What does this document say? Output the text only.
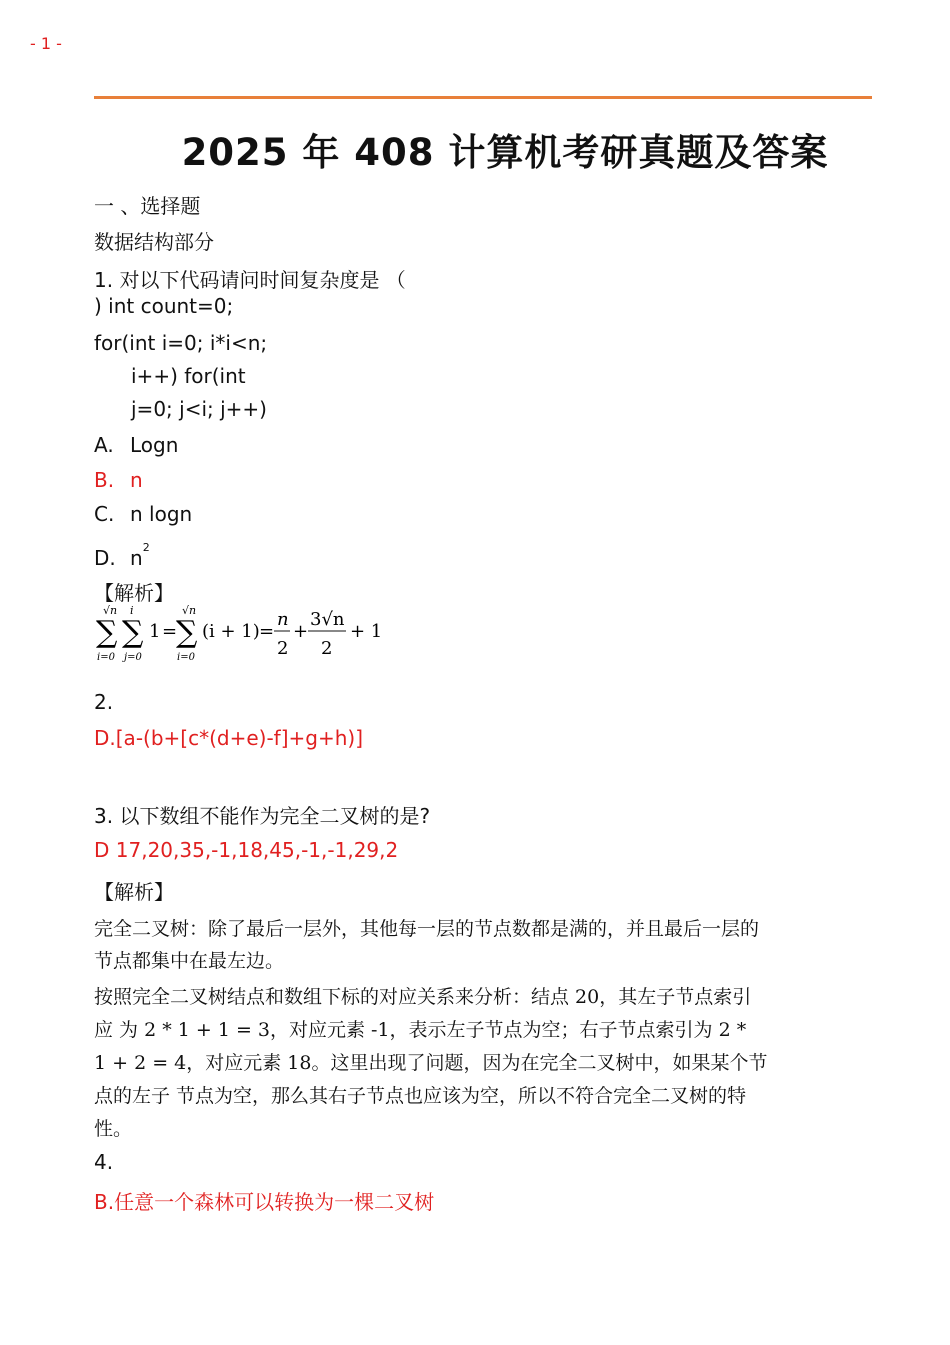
- 1 -
2025 年 408 计算机考研真题及答案
一 、选择题
数据结构部分
1. 对以下代码请问时间复杂度是 （
) int count=0;
for(int i=0; i*i<n;
i++) for(int
j=0; j<i; j++)
A. Logn
B. n
C. n logn
D. $n^2$
【解析】
√n
∑
i=0
i
∑
j=0
1 =
√n
∑
i=0
(i + 1) =
n
2
+
3√n
2
+ 1
2.
D.[a-(b+[c*(d+e)-f]+g+h)]
3. 以下数组不能作为完全二叉树的是?
D 17,20,35,-1,18,45,-1,-1,29,2
【解析】
完全二叉树：除了最后一层外，其他每一层的节点数都是满的，并且最后一层的
节点都集中在最左边。
按照完全二叉树结点和数组下标的对应关系来分析：结点 20，其左子节点索引
应 为 2 * 1 + 1 = 3，对应元素 -1，表示左子节点为空；右子节点索引为 2 *
1 + 2 = 4，对应元素 18。这里出现了问题，因为在完全二叉树中，如果某个节
点的左子 节点为空，那么其右子节点也应该为空，所以不符合完全二叉树的特
性。
4.
B.任意一个森林可以转换为一棵二叉树
